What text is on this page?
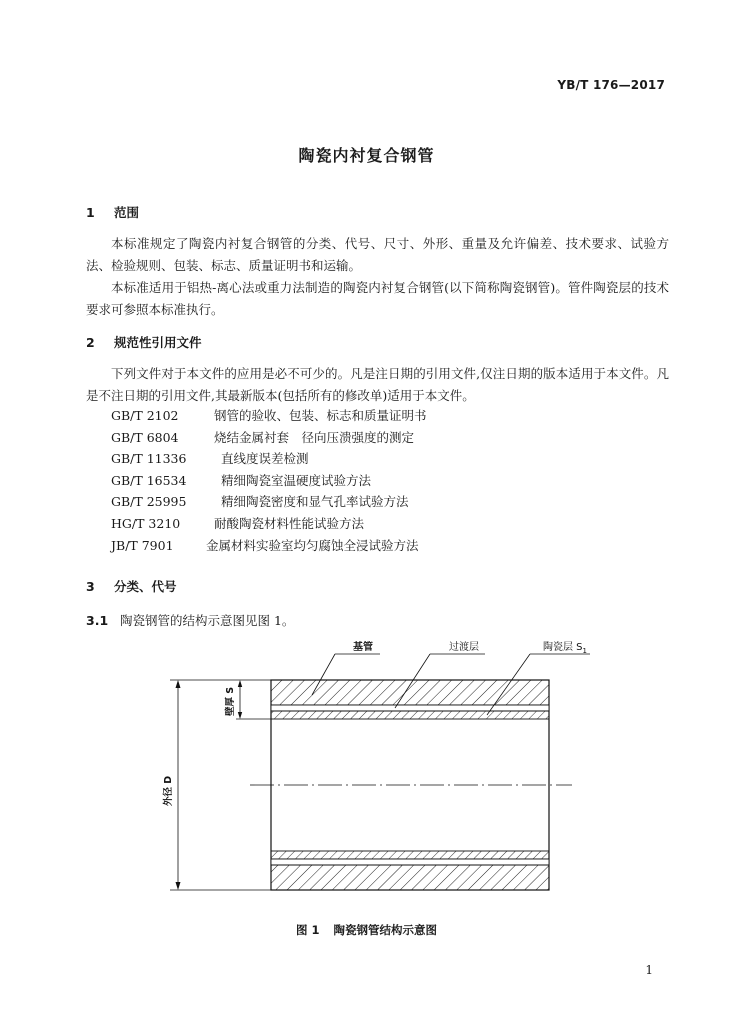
YB/T 176—2017
陶瓷内衬复合钢管
1 范围

本标准规定了陶瓷内衬复合钢管的分类、代号、尺寸、外形、重量及允许偏差、技术要求、试验方法、检验规则、包装、标志、质量证明书和运输。

本标准适用于铝热-离心法或重力法制造的陶瓷内衬复合钢管(以下简称陶瓷钢管)。管件陶瓷层的技术要求可参照本标准执行。

2 规范性引用文件

下列文件对于本文件的应用是必不可少的。凡是注日期的引用文件,仅注日期的版本适用于本文件。凡是不注日期的引用文件,其最新版本(包括所有的修改单)适用于本文件。

GB/T 2102	钢管的验收、包装、标志和质量证明书
GB/T 6804	烧结金属衬套　径向压溃强度的测定
GB/T 11336	直线度误差检测
GB/T 16534	精细陶瓷室温硬度试验方法
GB/T 25995	精细陶瓷密度和显气孔率试验方法
HG/T 3210	耐酸陶瓷材料性能试验方法
JB/T 7901	金属材料实验室均匀腐蚀全浸试验方法
3 分类、代号
3.1 陶瓷钢管的结构示意图见图 1。
基管	过渡层	陶瓷层 $S_1$
壁厚 S
外径 D
图 1 陶瓷钢管结构示意图
1
